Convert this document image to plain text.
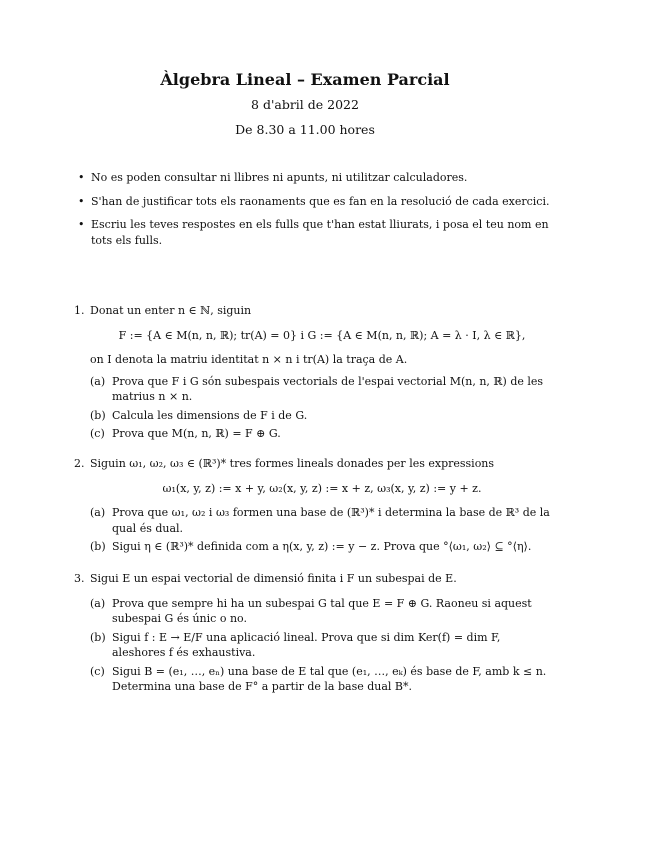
Àlgebra Lineal – Examen Parcial
8 d'abril de 2022
De 8.30 a 11.00 hores
• No es poden consultar ni llibres ni apunts, ni utilitzar calculadores.
• S'han de justificar tots els raonaments que es fan en la resolució de cada exercici.
• Escriu les teves respostes en els fulls que t'han estat lliurats, i posa el teu nom en tots els fulls.
1. Donat un enter n ∈ ℕ, siguin
F := {A ∈ M(n, n, ℝ); tr(A) = 0} i G := {A ∈ M(n, n, ℝ); A = λ · I, λ ∈ ℝ},
on I denota la matriu identitat n × n i tr(A) la traça de A.
(a) Prova que F i G són subespais vectorials de l'espai vectorial M(n, n, ℝ) de les matrius n × n.
(b) Calcula les dimensions de F i de G.
(c) Prova que M(n, n, ℝ) = F ⊕ G.
2. Siguin ω₁, ω₂, ω₃ ∈ (ℝ³)* tres formes lineals donades per les expressions
ω₁(x, y, z) := x + y, ω₂(x, y, z) := x + z, ω₃(x, y, z) := y + z.
(a) Prova que ω₁, ω₂ i ω₃ formen una base de (ℝ³)* i determina la base de ℝ³ de la qual és dual.
(b) Sigui η ∈ (ℝ³)* definida com a η(x, y, z) := y − z. Prova que °⟨ω₁, ω₂⟩ ⊆ °⟨η⟩.
3. Sigui E un espai vectorial de dimensió finita i F un subespai de E.
(a) Prova que sempre hi ha un subespai G tal que E = F ⊕ G. Raoneu si aquest subespai G és únic o no.
(b) Sigui f : E → E/F una aplicació lineal. Prova que si dim Ker(f) = dim F, aleshores f és exhaustiva.
(c) Sigui B = (e₁, …, eₙ) una base de E tal que (e₁, …, eₖ) és base de F, amb k ≤ n. Determina una base de F° a partir de la base dual B*.
